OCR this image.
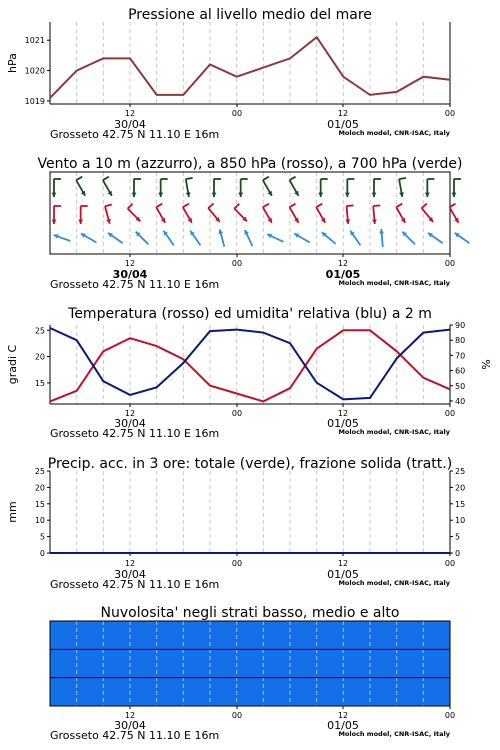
Pressione al livello medio del mare
12	00	12	00
30/04	01/05
Grosseto 42.75 N 11.10 E 16m	Moloch model, CNR-ISAC, Italy
1019
1020
1021
hPa
Vento a 10 m (azzurro), a 850 hPa (rosso), a 700 hPa (verde)
12	00	12	00
30/04	01/05
Grosseto 42.75 N 11.10 E 16m	Moloch model, CNR-ISAC, Italy
Temperatura (rosso) ed umidita' relativa (blu) a 2 m
12	00	12	00
30/04	01/05
Grosseto 42.75 N 11.10 E 16m	Moloch model, CNR-ISAC, Italy
15
20
25
40
50
60
70
80
90
gradi C	%
Precip. acc. in 3 ore: totale (verde), frazione solida (tratt.)
12	00	12	00
30/04	01/05
Grosseto 42.75 N 11.10 E 16m	Moloch model, CNR-ISAC, Italy
0	0
5	5
10	10
15	15
20	20
25	25
mm
Nuvolosita' negli strati basso, medio e alto
12	00	12	00
30/04	01/05
Grosseto 42.75 N 11.10 E 16m	Moloch model, CNR-ISAC, Italy
